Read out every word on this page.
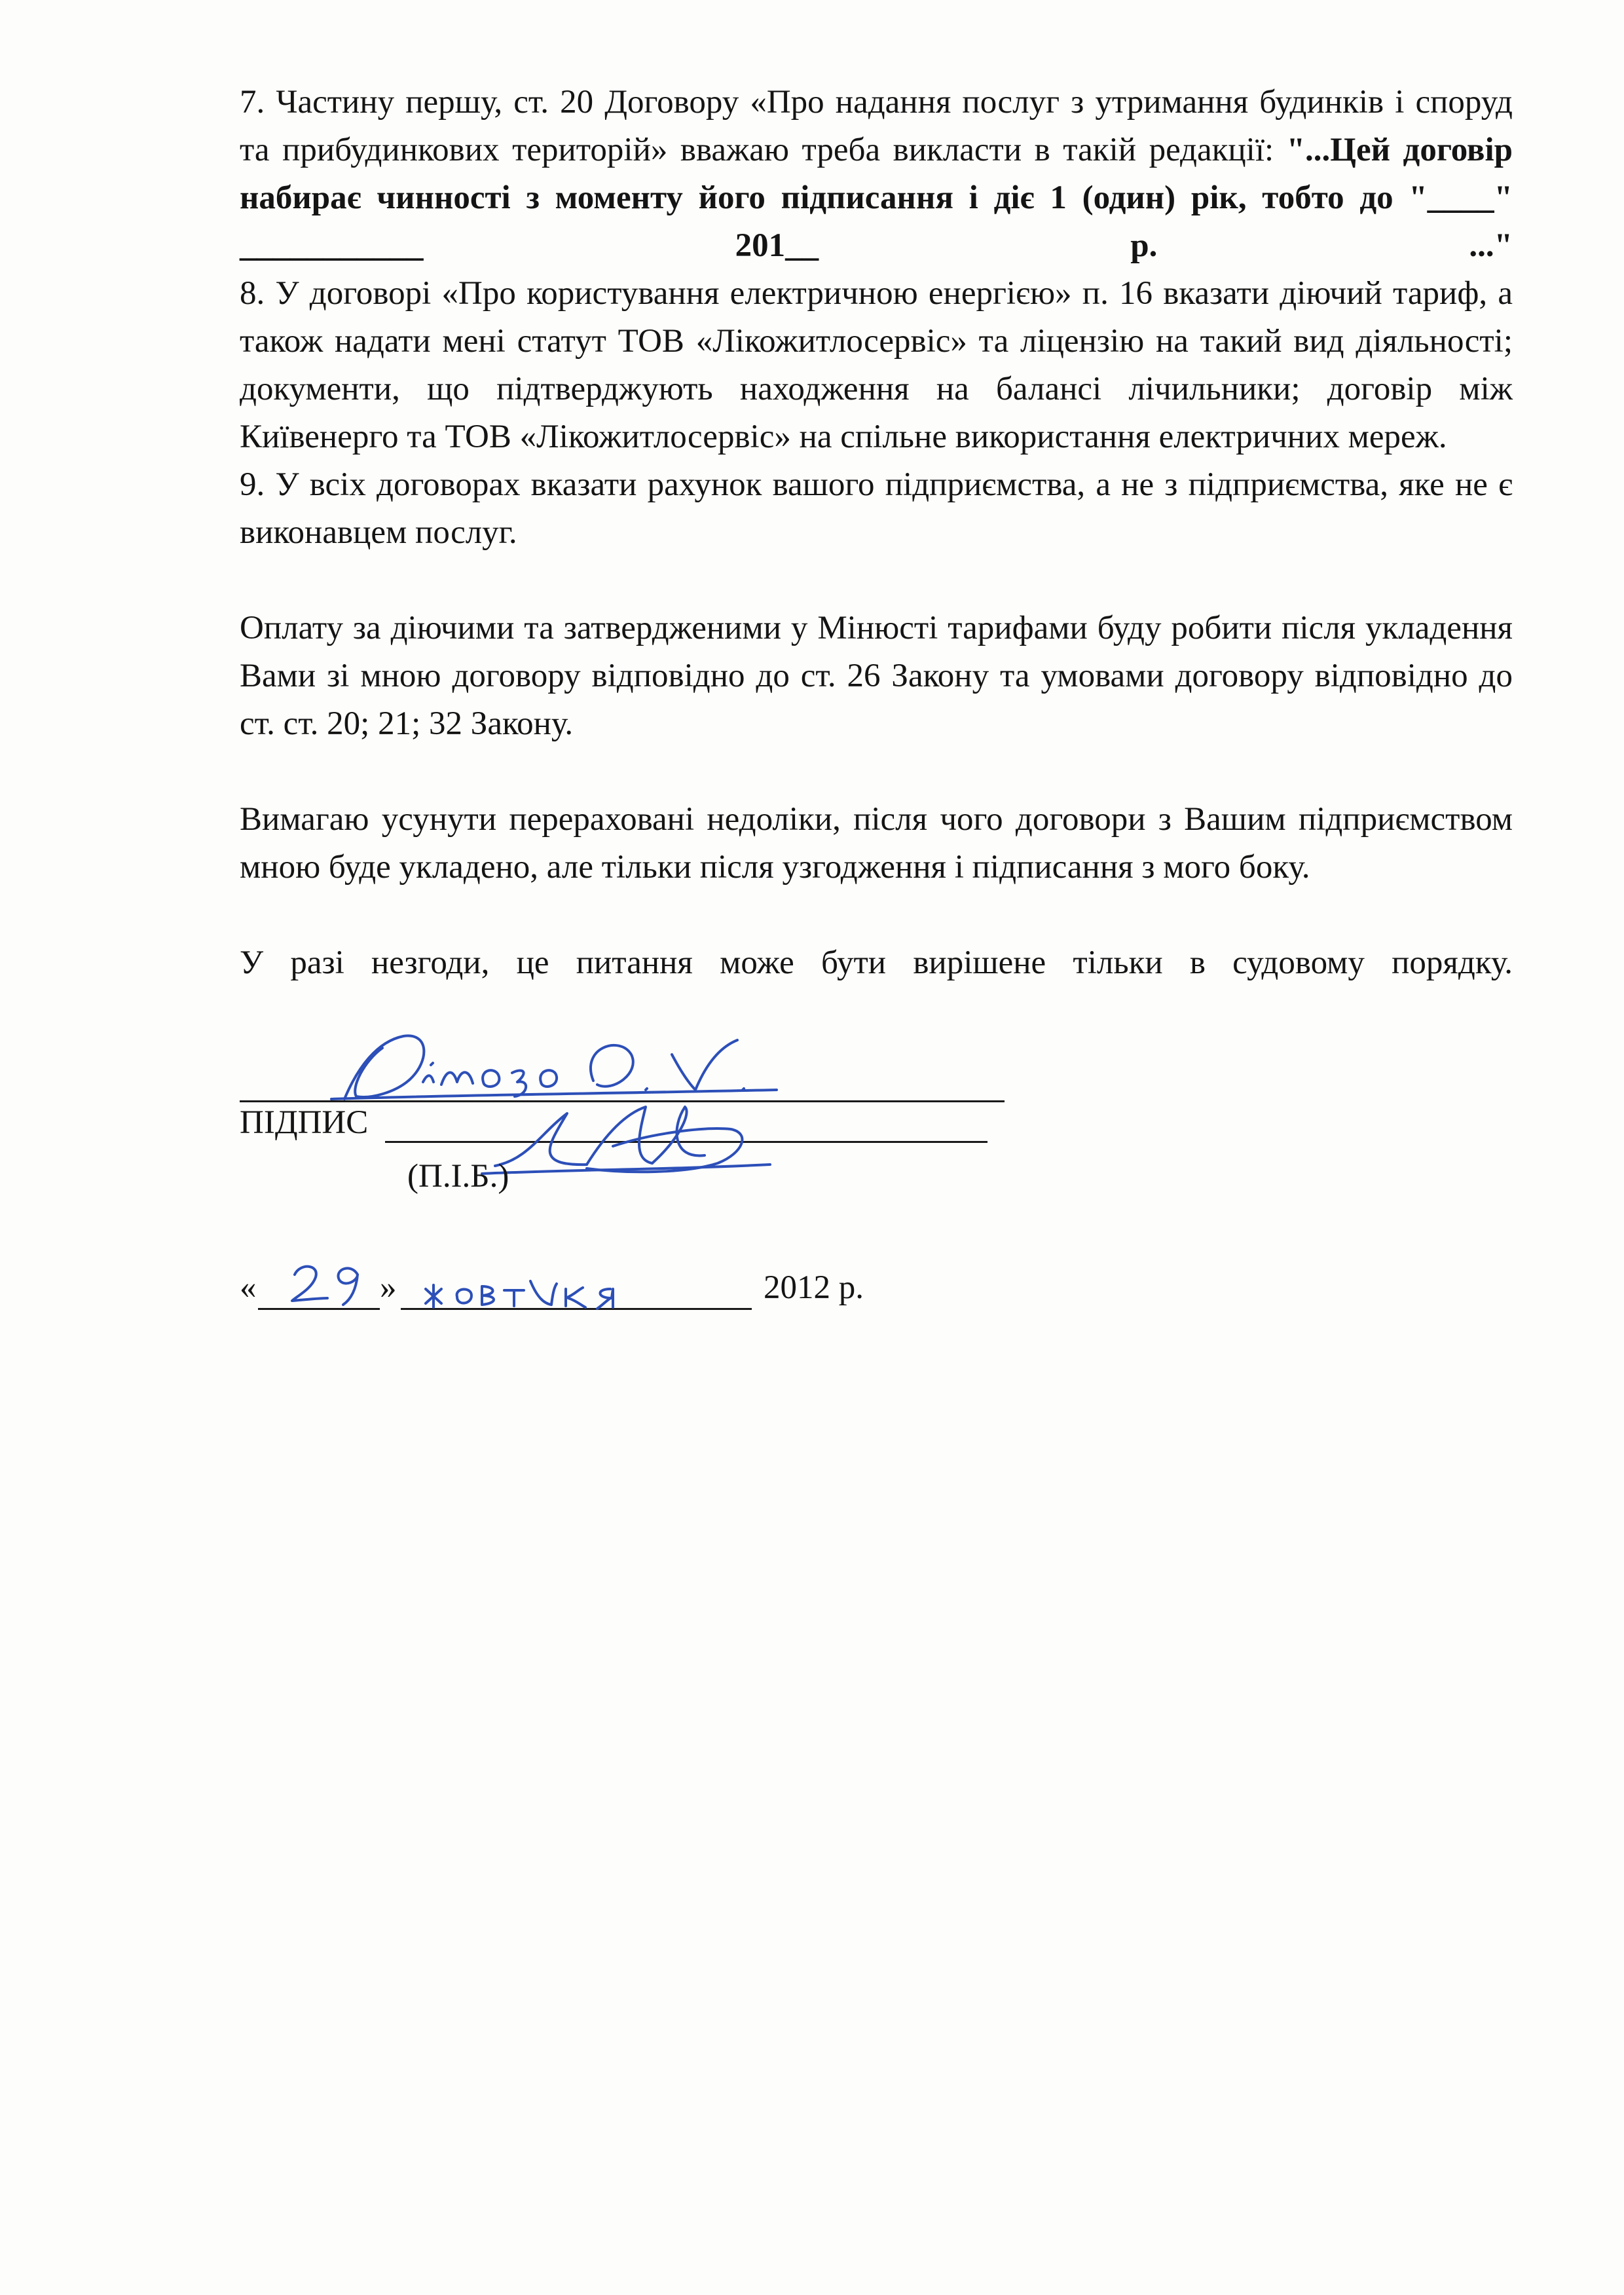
7. Частину першу, ст. 20 Договору «Про надання послуг з утримання будинків і споруд та прибудинкових територій» вважаю треба викласти в такій редакції: "...Цей договір набирає чинності з моменту його підписання і діє 1 (один) рік, тобто до "____" ___________ 201__ р. ..."

8. У договорі «Про користування електричною енергією» п. 16 вказати діючий тариф, а також надати мені статут ТОВ «Лікожитлосервіс» та ліцензію на такий вид діяльності; документи, що підтверджують находження на балансі лічильники; договір між Київенерго та ТОВ «Лікожитлосервіс» на спільне використання електричних мереж.

9. У всіх договорах вказати рахунок вашого підприємства, а не з підприємства, яке не є виконавцем послуг.

Оплату за діючими та затвердженими у Мінюсті тарифами буду робити після укладення Вами зі мною договору відповідно до ст. 26 Закону та умовами договору відповідно до ст. ст. 20; 21; 32 Закону.

Вимагаю усунути перераховані недоліки, після чого договори з Вашим підприємством мною буде укладено, але тільки після узгодження і підписання з мого боку.

У разі незгоди, це питання може бути вирішене тільки в судовому порядку.

ПІДПИС
(П.І.Б.)
«	»	2012 р.
